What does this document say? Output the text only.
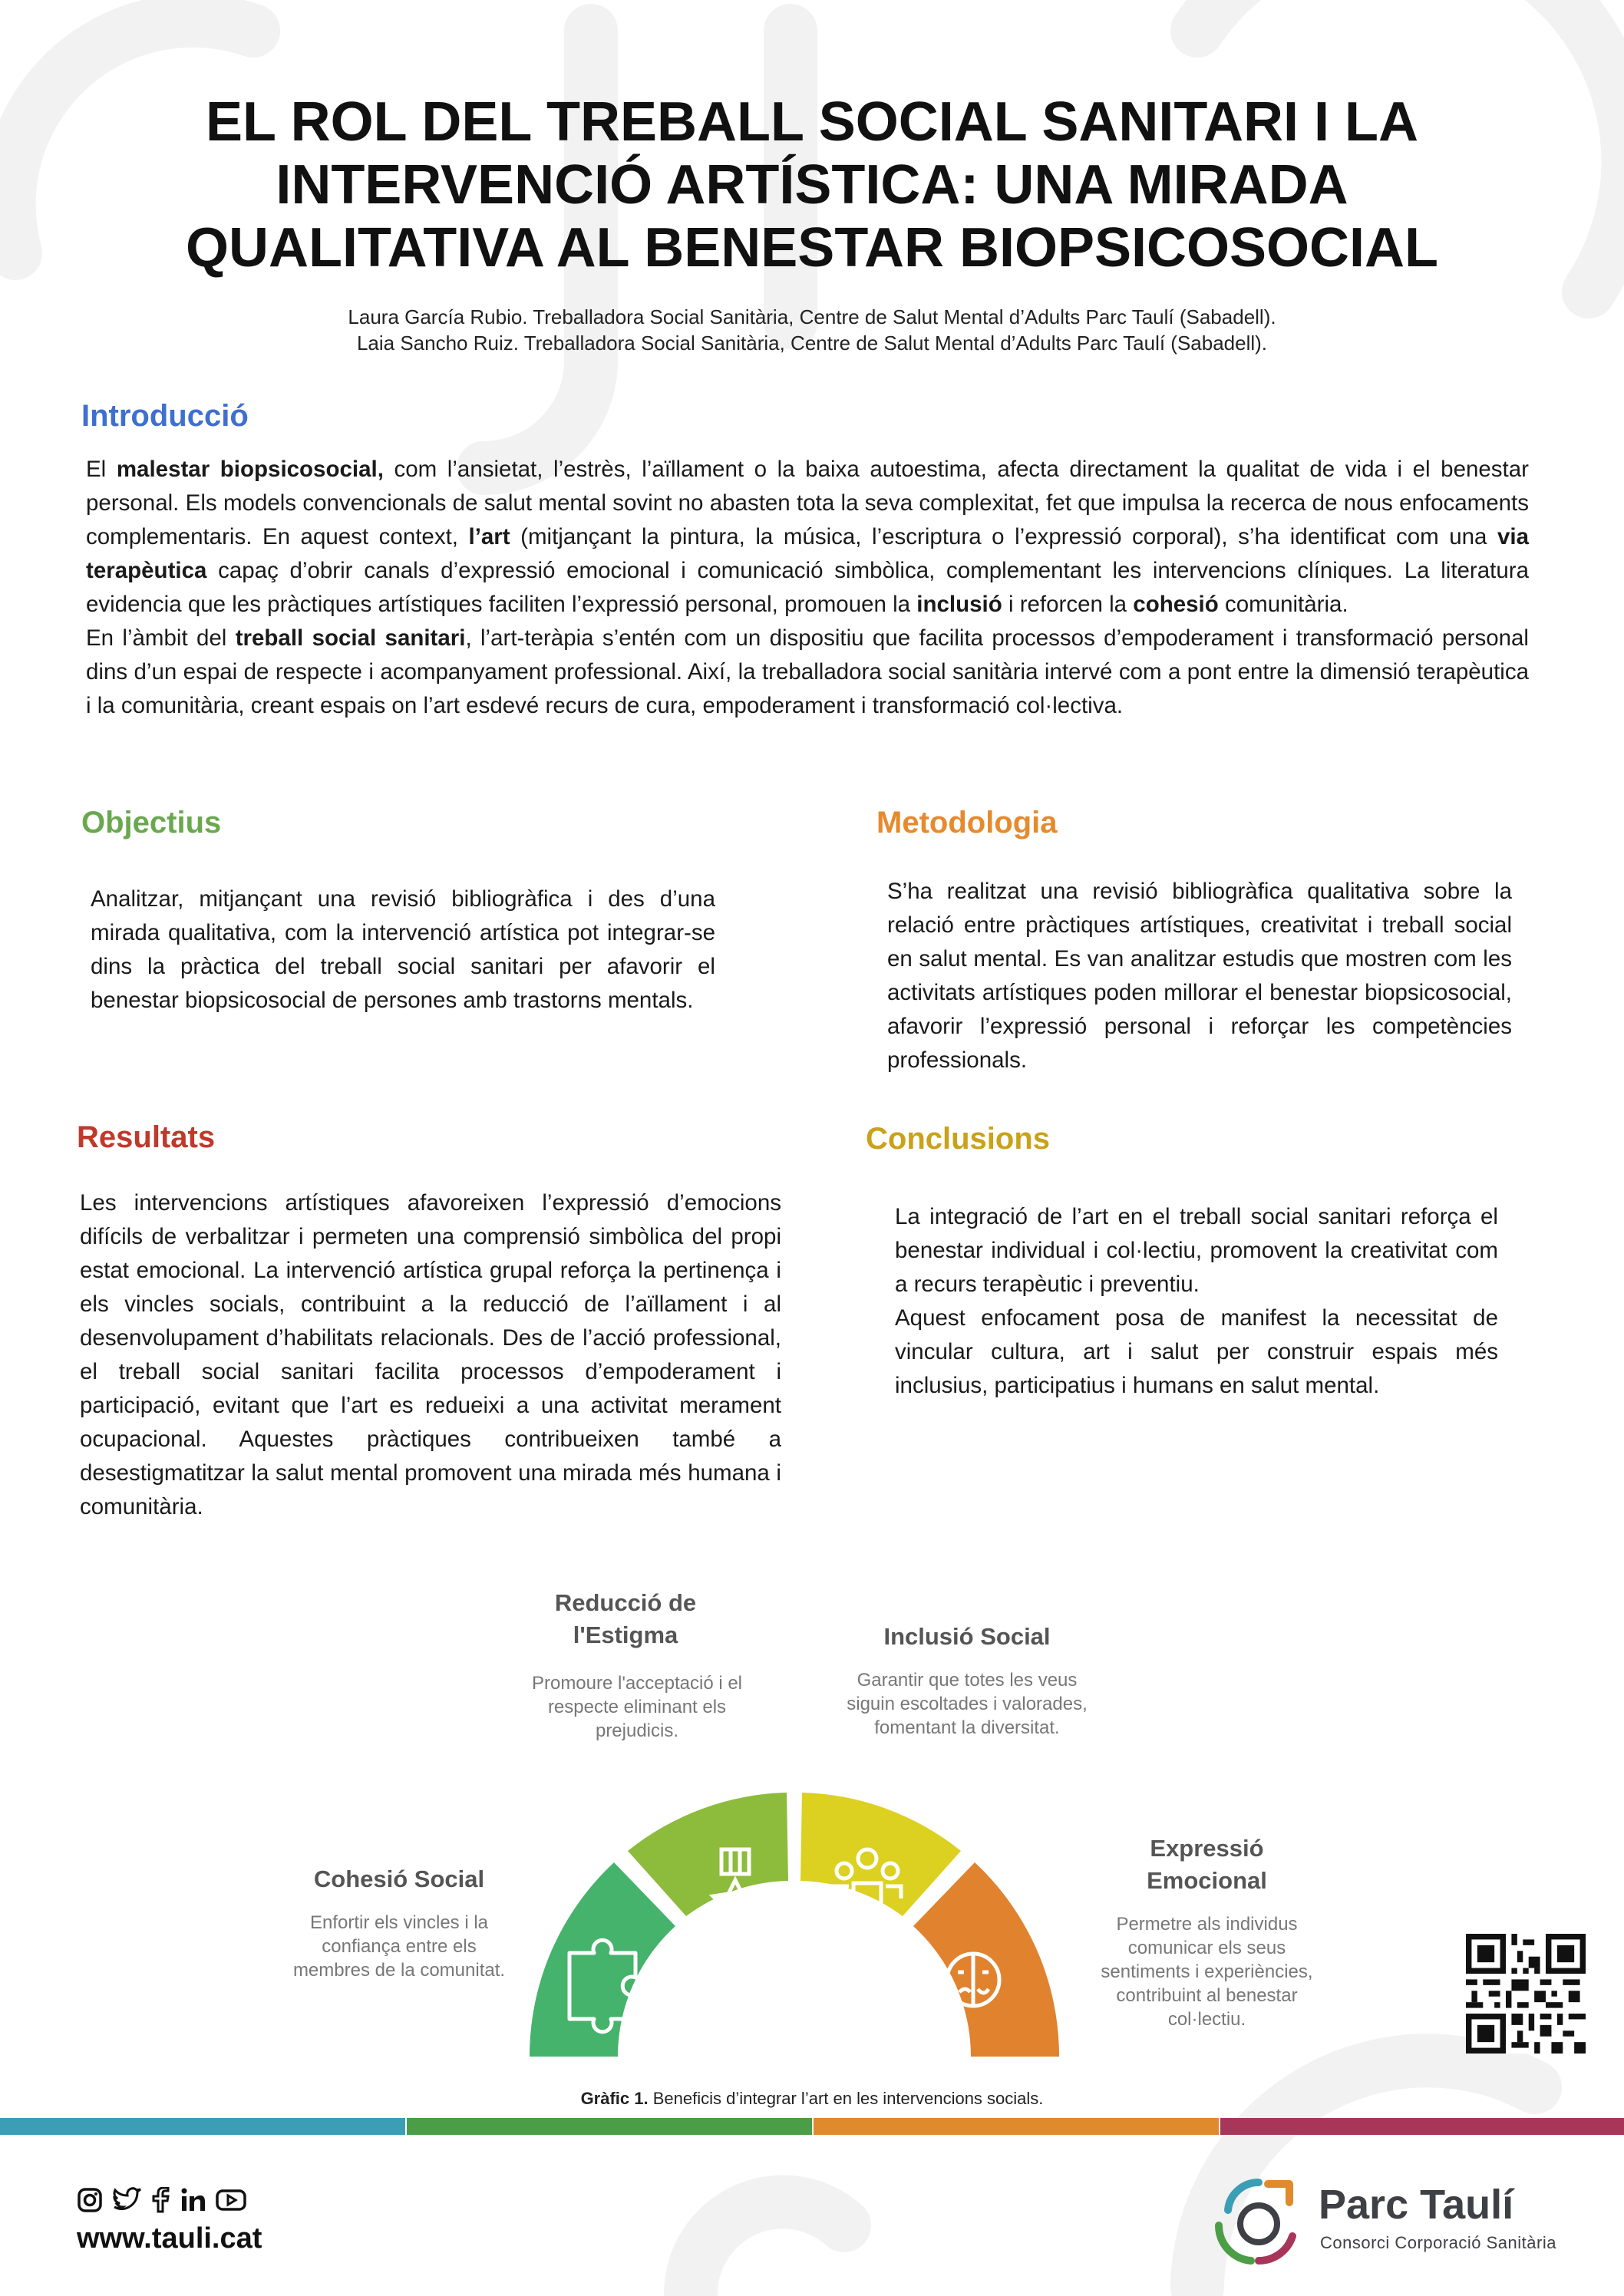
EL ROL DEL TREBALL SOCIAL SANITARI I LA INTERVENCIÓ ARTÍSTICA: UNA MIRADA QUALITATIVA AL BENESTAR BIOPSICOSOCIAL
Laura García Rubio. Treballadora Social Sanitària, Centre de Salut Mental d’Adults Parc Taulí (Sabadell).
Laia Sancho Ruiz. Treballadora Social Sanitària, Centre de Salut Mental d’Adults Parc Taulí (Sabadell).
Introducció

El malestar biopsicosocial, com l’ansietat, l’estrès, l’aïllament o la baixa autoestima, afecta directament la qualitat de vida i el benestar personal. Els models convencionals de salut mental sovint no abasten tota la seva complexitat, fet que impulsa la recerca de nous enfocaments complementaris. En aquest context, l’art (mitjançant la pintura, la música, l’escriptura o l’expressió corporal), s’ha identificat com una via terapèutica capaç d’obrir canals d’expressió emocional i comunicació simbòlica, complementant les intervencions clíniques. La literatura evidencia que les pràctiques artístiques faciliten l’expressió personal, promouen la inclusió i reforcen la cohesió comunitària.

En l’àmbit del treball social sanitari, l’art-teràpia s’entén com un dispositiu que facilita processos d’empoderament i transformació personal dins d’un espai de respecte i acompanyament professional. Així, la treballadora social sanitària intervé com a pont entre la dimensió terapèutica i la comunitària, creant espais on l’art esdevé recurs de cura, empoderament i transformació col·lectiva.

Objectius
Analitzar, mitjançant una revisió bibliogràfica i des d’una mirada qualitativa, com la intervenció artística pot integrar-se dins la pràctica del treball social sanitari per afavorir el benestar biopsicosocial de persones amb trastorns mentals.
Metodologia
S’ha realitzat una revisió bibliogràfica qualitativa sobre la relació entre pràctiques artístiques, creativitat i treball social en salut mental. Es van analitzar estudis que mostren com les activitats artístiques poden millorar el benestar biopsicosocial, afavorir l’expressió personal i reforçar les competències professionals.
Resultats
Les intervencions artístiques afavoreixen l’expressió d’emocions difícils de verbalitzar i permeten una comprensió simbòlica del propi estat emocional. La intervenció artística grupal reforça la pertinença i els vincles socials, contribuint a la reducció de l’aïllament i al desenvolupament d’habilitats relacionals. Des de l’acció professional, el treball social sanitari facilita processos d’empoderament i participació, evitant que l’art es redueixi a una activitat merament ocupacional. Aquestes pràctiques contribueixen també a desestigmatitzar la salut mental promovent una mirada més humana i comunitària.
Conclusions

La integració de l’art en el treball social sanitari reforça el benestar individual i col·lectiu, promovent la creativitat com a recurs terapèutic i preventiu.

Aquest enfocament posa de manifest la necessitat de vincular cultura, art i salut per construir espais més inclusius, participatius i humans en salut mental.

Reducció de l'Estigma
Promoure l'acceptació i el respecte eliminant els prejudicis.
Inclusió Social
Garantir que totes les veus siguin escoltades i valorades, fomentant la diversitat.
Cohesió Social
Enfortir els vincles i la confiança entre els membres de la comunitat.
Expressió Emocional
Permetre als individus comunicar els seus sentiments i experiències, contribuint al benestar col·lectiu.
Gràfic 1. Beneficis d’integrar l’art en les intervencions socials.
www.tauli.cat
Parc Taulí
Consorci Corporació Sanitària
